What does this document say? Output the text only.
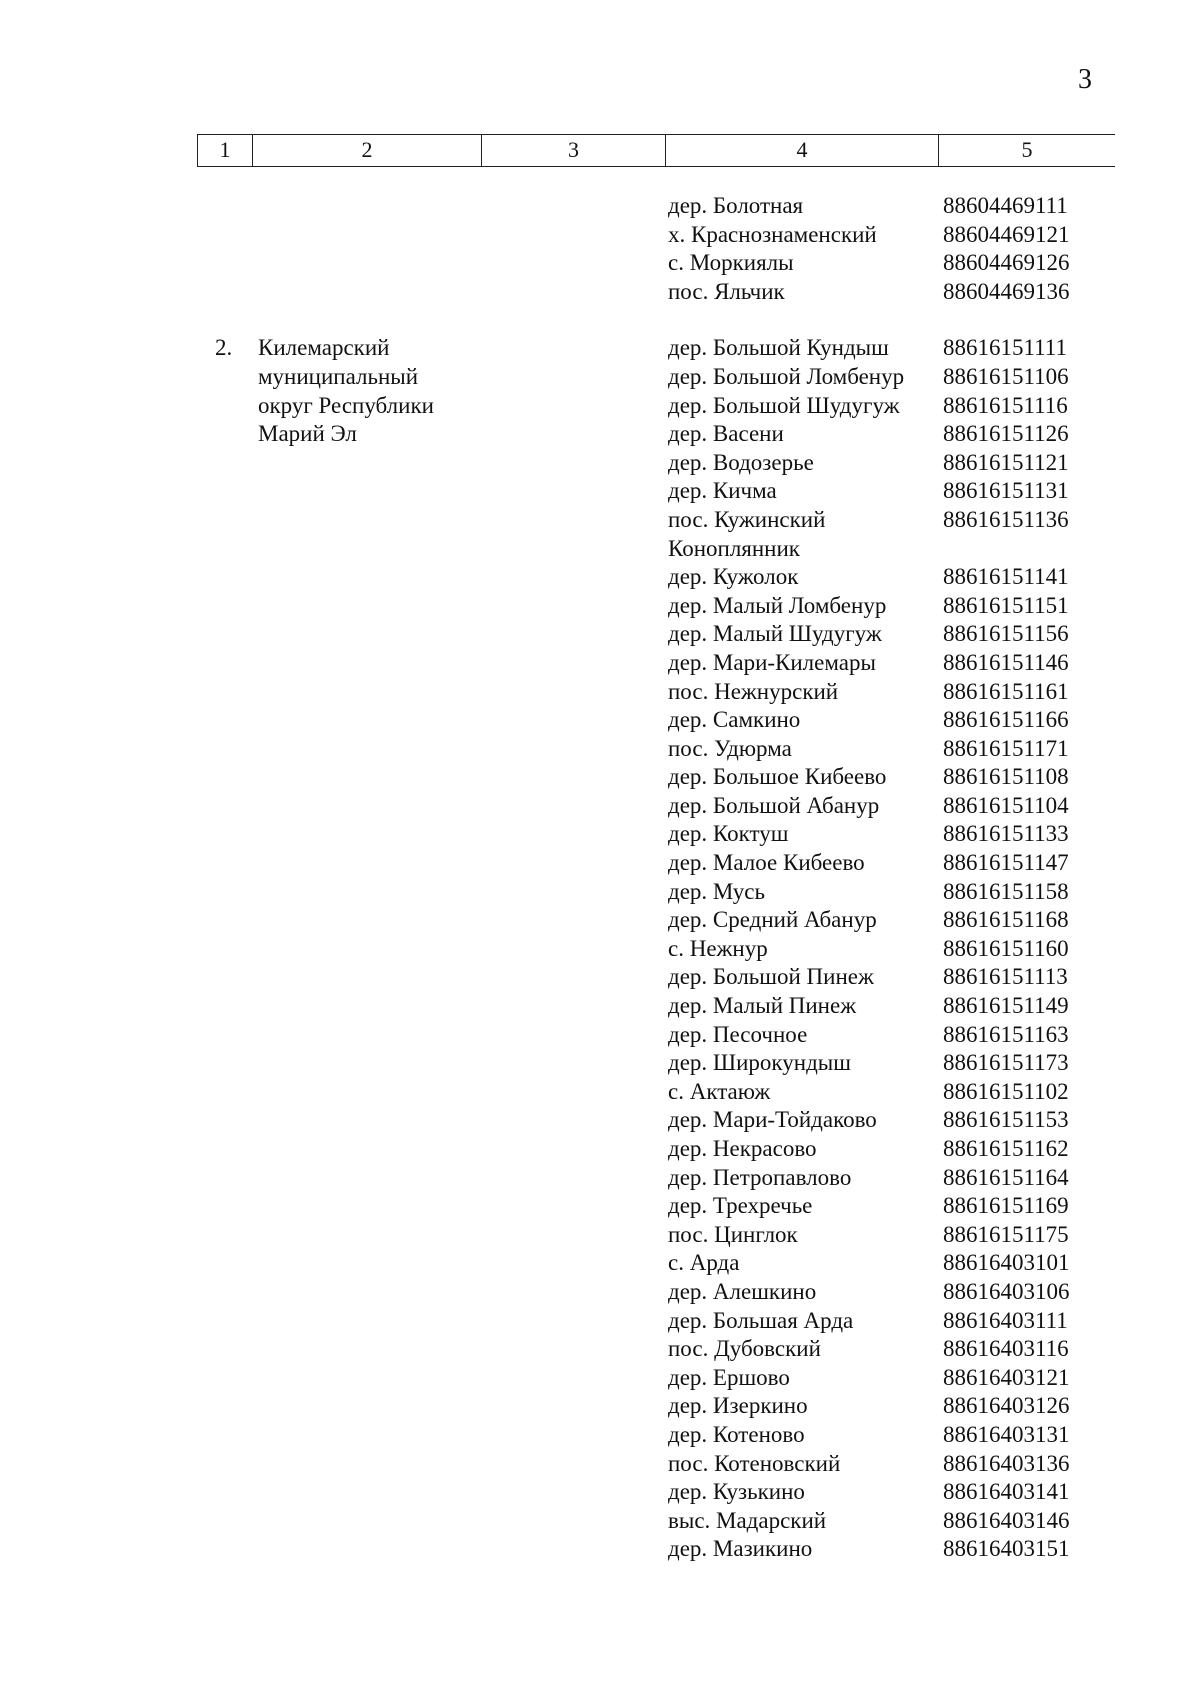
3
1	2	3	4	5
дер. Болотная	88604469111
х. Краснознаменский	88604469121
с. Моркиялы	88604469126
пос. Яльчик	88604469136
2. Килемарский
муниципальный
округ Республики
Марий Эл
дер. Большой Кундыш 88616151111
дер. Большой Ломбенур 88616151106
дер. Большой Шудугуж 88616151116
дер. Васени	88616151126
дер. Водозерье	88616151121
дер. Кичма	88616151131
пос. Кужинский	88616151136
Коноплянник
дер. Кужолок	88616151141
дер. Малый Ломбенур 88616151151
дер. Малый Шудугуж	88616151156
дер. Мари-Килемары	88616151146
пос. Нежнурский	88616151161
дер. Самкино	88616151166
пос. Удюрма	88616151171
дер. Большое Кибеево 88616151108
дер. Большой Абанур	88616151104
дер. Коктуш	88616151133
дер. Малое Кибеево	88616151147
дер. Мусь	88616151158
дер. Средний Абанур	88616151168
с. Нежнур	88616151160
дер. Большой Пинеж	88616151113
дер. Малый Пинеж	88616151149
дер. Песочное	88616151163
дер. Широкундыш	88616151173
с. Актаюж	88616151102
дер. Мари-Тойдаково	88616151153
дер. Некрасово	88616151162
дер. Петропавлово	88616151164
дер. Трехречье	88616151169
пос. Цинглок	88616151175
с. Арда	88616403101
дер. Алешкино	88616403106
дер. Большая Арда	88616403111
пос. Дубовский	88616403116
дер. Ершово	88616403121
дер. Изеркино	88616403126
дер. Котеново	88616403131
пос. Котеновский	88616403136
дер. Кузькино	88616403141
выс. Мадарский	88616403146
дер. Мазикино	88616403151
